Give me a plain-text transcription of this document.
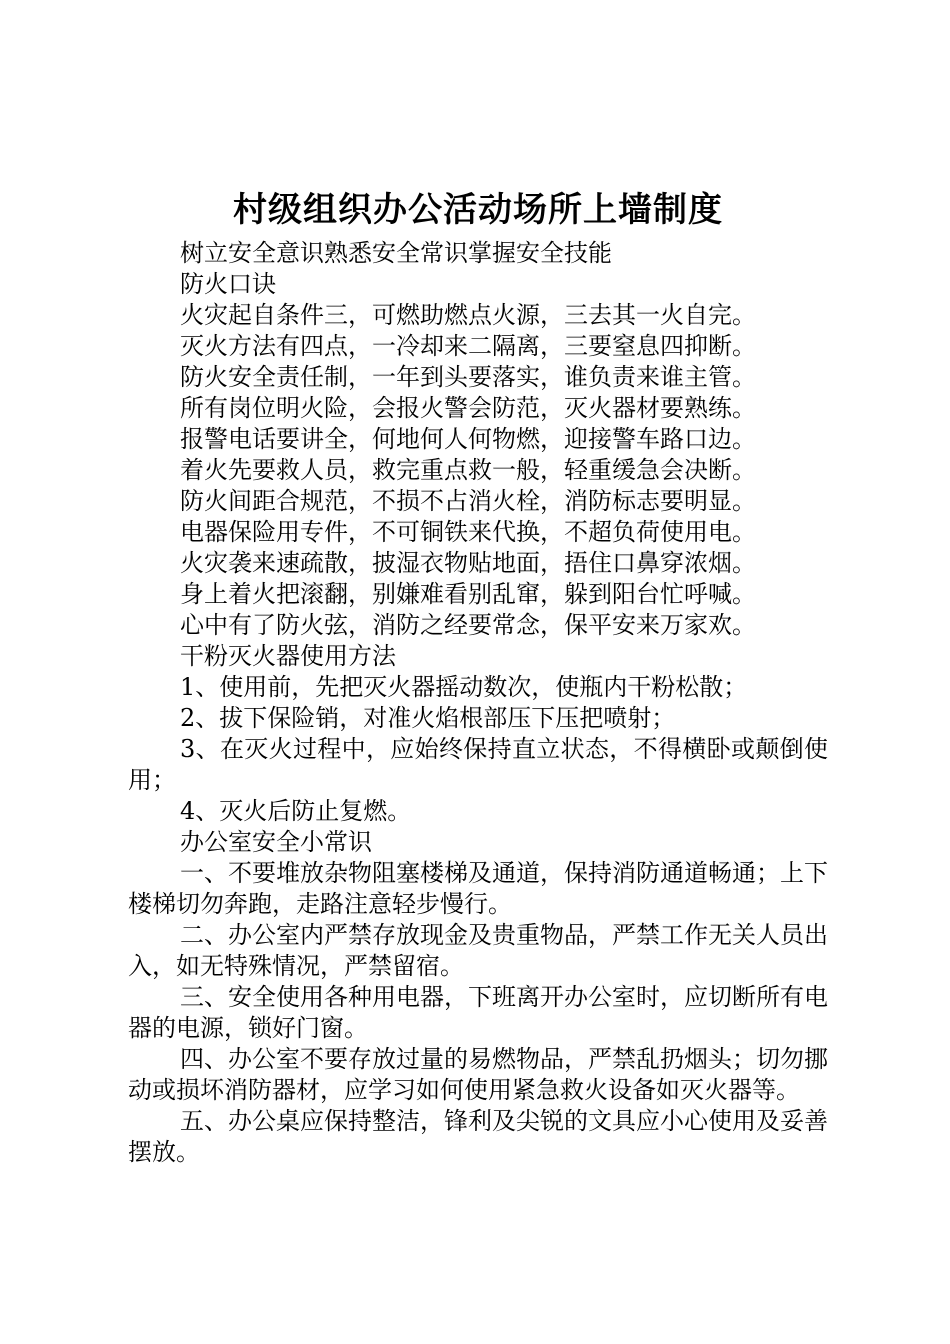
村级组织办公活动场所上墙制度

树立安全意识熟悉安全常识掌握安全技能

防火口诀

火灾起自条件三，可燃助燃点火源，三去其一火自完。

灭火方法有四点，一冷却来二隔离，三要窒息四抑断。

防火安全责任制，一年到头要落实，谁负责来谁主管。

所有岗位明火险，会报火警会防范，灭火器材要熟练。

报警电话要讲全，何地何人何物燃，迎接警车路口边。

着火先要救人员，救完重点救一般，轻重缓急会决断。

防火间距合规范，不损不占消火栓，消防标志要明显。

电器保险用专件，不可铜铁来代换，不超负荷使用电。

火灾袭来速疏散，披湿衣物贴地面，捂住口鼻穿浓烟。

身上着火把滚翻，别嫌难看别乱窜，躲到阳台忙呼喊。

心中有了防火弦，消防之经要常念，保平安来万家欢。

干粉灭火器使用方法

1、使用前，先把灭火器摇动数次，使瓶内干粉松散；

2、拔下保险销，对准火焰根部压下压把喷射；

3、在灭火过程中，应始终保持直立状态，不得横卧或颠倒使用；

4、灭火后防止复燃。

办公室安全小常识

一、不要堆放杂物阻塞楼梯及通道，保持消防通道畅通；上下楼梯切勿奔跑，走路注意轻步慢行。

二、办公室内严禁存放现金及贵重物品，严禁工作无关人员出入，如无特殊情况，严禁留宿。

三、安全使用各种用电器，下班离开办公室时，应切断所有电器的电源，锁好门窗。

四、办公室不要存放过量的易燃物品，严禁乱扔烟头；切勿挪动或损坏消防器材，应学习如何使用紧急救火设备如灭火器等。

五、办公桌应保持整洁，锋利及尖锐的文具应小心使用及妥善摆放。
